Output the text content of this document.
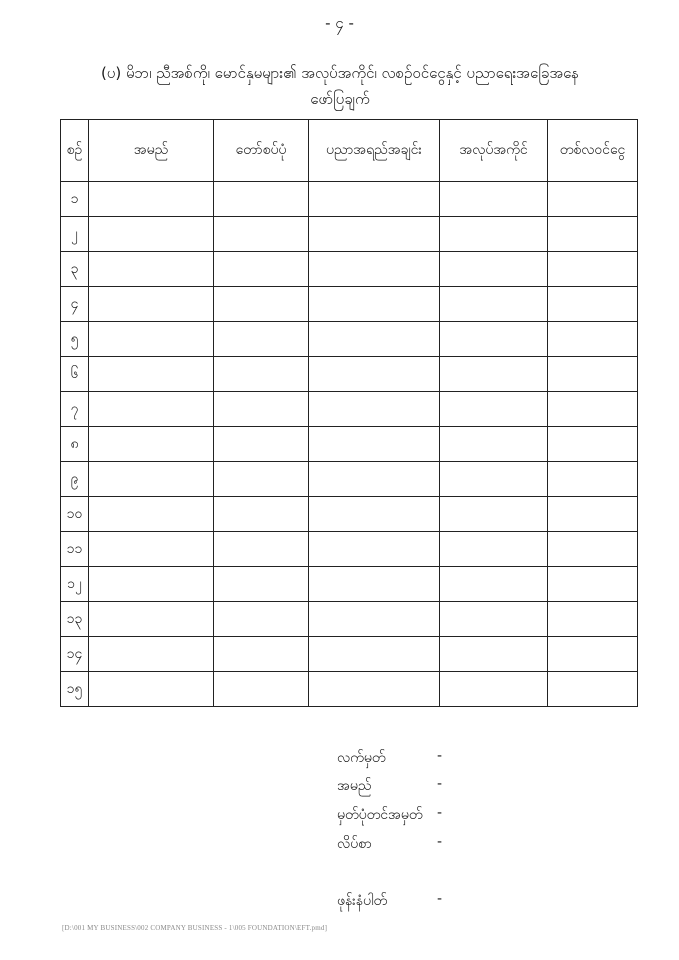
- ၄ -
(ပ) မိဘ၊ ညီအစ်ကို၊ မောင်နှမများ၏ အလုပ်အကိုင်၊ လစဉ်ဝင်ငွေနှင့် ပညာရေးအခြေအနေ
ဖော်ပြချက်
စဉ်	အမည်	တော်စပ်ပုံ	ပညာအရည်အချင်း	အလုပ်အကိုင်	တစ်လဝင်ငွေ
၁					
၂					
၃					
၄					
၅					
၆					
၇					
၈					
၉					
၁၀					
၁၁					
၁၂					
၁၃					
၁၄					
၁၅					
လက်မှတ်	-
အမည်	-
မှတ်ပုံတင်အမှတ် -
လိပ်စာ	-
ဖုန်းနံပါတ်	-
[D:\001 MY BUSINESS\002 COMPANY BUSINESS - 1\005 FOUNDATION\EFT.pmd]
